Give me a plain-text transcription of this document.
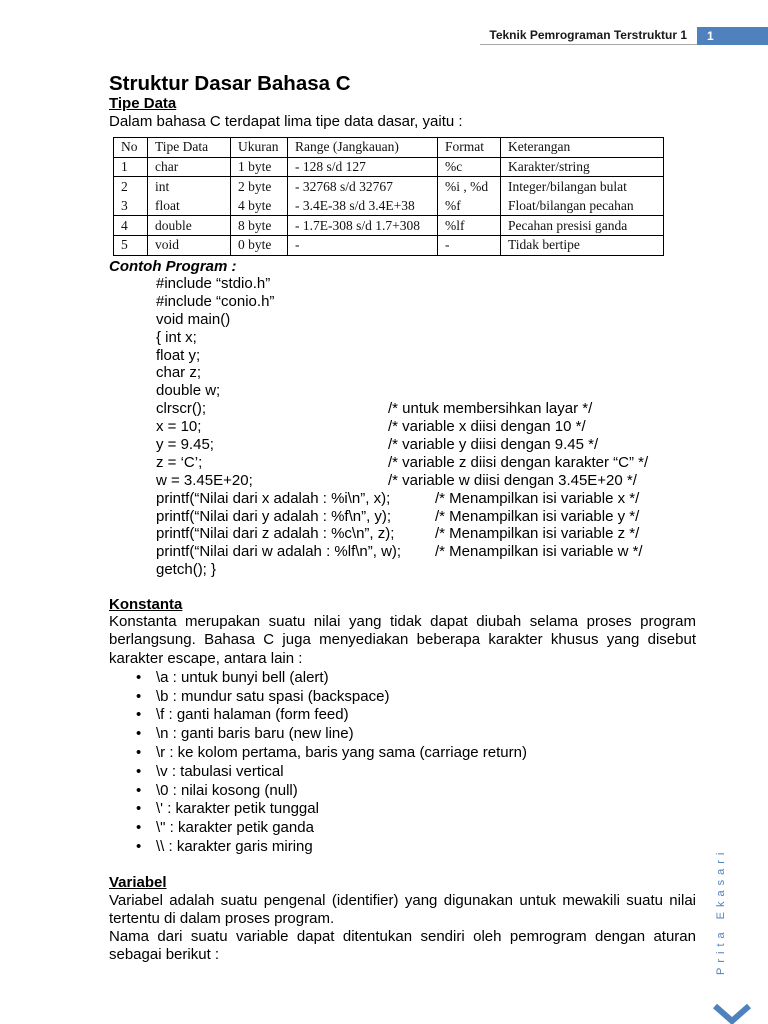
Teknik Pemrograman Terstruktur 1	1
Struktur Dasar Bahasa C
Tipe Data
Dalam bahasa C terdapat lima tipe data dasar, yaitu :
No	Tipe Data	Ukuran	Range (Jangkauan)	Format	Keterangan
1	char	1 byte	- 128 s/d 127	%c	Karakter/string
2	int	2 byte	- 32768 s/d 32767	%i , %d	Integer/bilangan bulat
3	float	4 byte	- 3.4E-38 s/d 3.4E+38	%f	Float/bilangan pecahan
4	double	8 byte	- 1.7E-308 s/d 1.7+308	%lf	Pecahan presisi ganda
5	void	0 byte	-	-	Tidak bertipe
Contoh Program :
#include “stdio.h”
#include “conio.h”
void main()
{ int x;
float y;
char z;
double w;
clrscr();	/* untuk membersihkan layar */
x = 10;	/* variable x diisi dengan 10 */
y = 9.45;	/* variable y diisi dengan 9.45 */
z = ‘C’;	/* variable z diisi dengan karakter “C” */
w = 3.45E+20;	/* variable w diisi dengan 3.45E+20 */
printf(“Nilai dari x adalah : %i\n”, x);	/* Menampilkan isi variable x */
printf(“Nilai dari y adalah : %f\n”, y);	/* Menampilkan isi variable y */
printf(“Nilai dari z adalah : %c\n”, z);	/* Menampilkan isi variable z */
printf(“Nilai dari w adalah : %lf\n”, w); /* Menampilkan isi variable w */
getch(); }
Konstanta

Konstanta merupakan suatu nilai yang tidak dapat diubah selama proses program berlangsung. Bahasa C juga menyediakan beberapa karakter khusus yang disebut karakter escape, antara lain :

•
\a : untuk bunyi bell (alert)
•
\b : mundur satu spasi (backspace)
•
\f : ganti halaman (form feed)
•
\n : ganti baris baru (new line)
•
\r : ke kolom pertama, baris yang sama (carriage return)
•
\v : tabulasi vertical
•
\0 : nilai kosong (null)
•
\' : karakter petik tunggal
•
\" : karakter petik ganda
•
\\ : karakter garis miring
Variabel

Variabel adalah suatu pengenal (identifier) yang digunakan untuk mewakili suatu nilai tertentu di dalam proses program.

Nama dari suatu variable dapat ditentukan sendiri oleh pemrogram dengan aturan sebagai berikut :	Prita Ekasari
